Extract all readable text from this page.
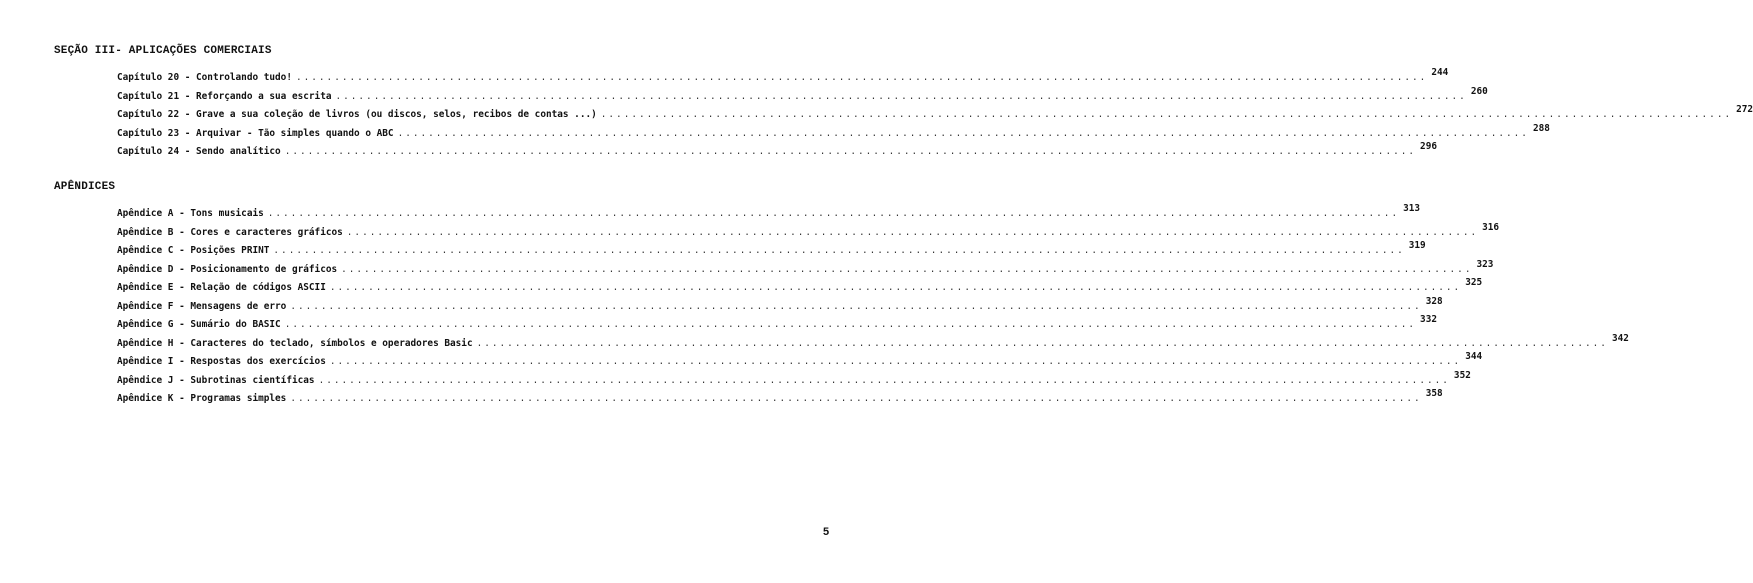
SEÇÃO III- APLICAÇÕES COMERCIAIS
Capítulo 20 - Controlando tudo! .................................................................................................................................................... 244
Capítulo 21 - Reforçando a sua escrita .................................................................................................................................................... 260
Capítulo 22 - Grave a sua coleção de livros (ou discos, selos, recibos de contas ...) .................................................................................................................................................... 272
Capítulo 23 - Arquivar - Tão simples quando o ABC .................................................................................................................................................... 288
Capítulo 24 - Sendo analítico .................................................................................................................................................... 296
APÊNDICES
Apêndice A - Tons musicais .................................................................................................................................................... 313
Apêndice B - Cores e caracteres gráficos .................................................................................................................................................... 316
Apêndice C - Posições PRINT .................................................................................................................................................... 319
Apêndice D - Posicionamento de gráficos .................................................................................................................................................... 323
Apêndice E - Relação de códigos ASCII .................................................................................................................................................... 325
Apêndice F - Mensagens de erro .................................................................................................................................................... 328
Apêndice G - Sumário do BASIC .................................................................................................................................................... 332
Apêndice H - Caracteres do teclado, símbolos e operadores Basic .................................................................................................................................................... 342
Apêndice I - Respostas dos exercícios .................................................................................................................................................... 344
Apêndice J - Subrotinas científicas .................................................................................................................................................... 352
Apêndice K - Programas simples .................................................................................................................................................... 358
5
